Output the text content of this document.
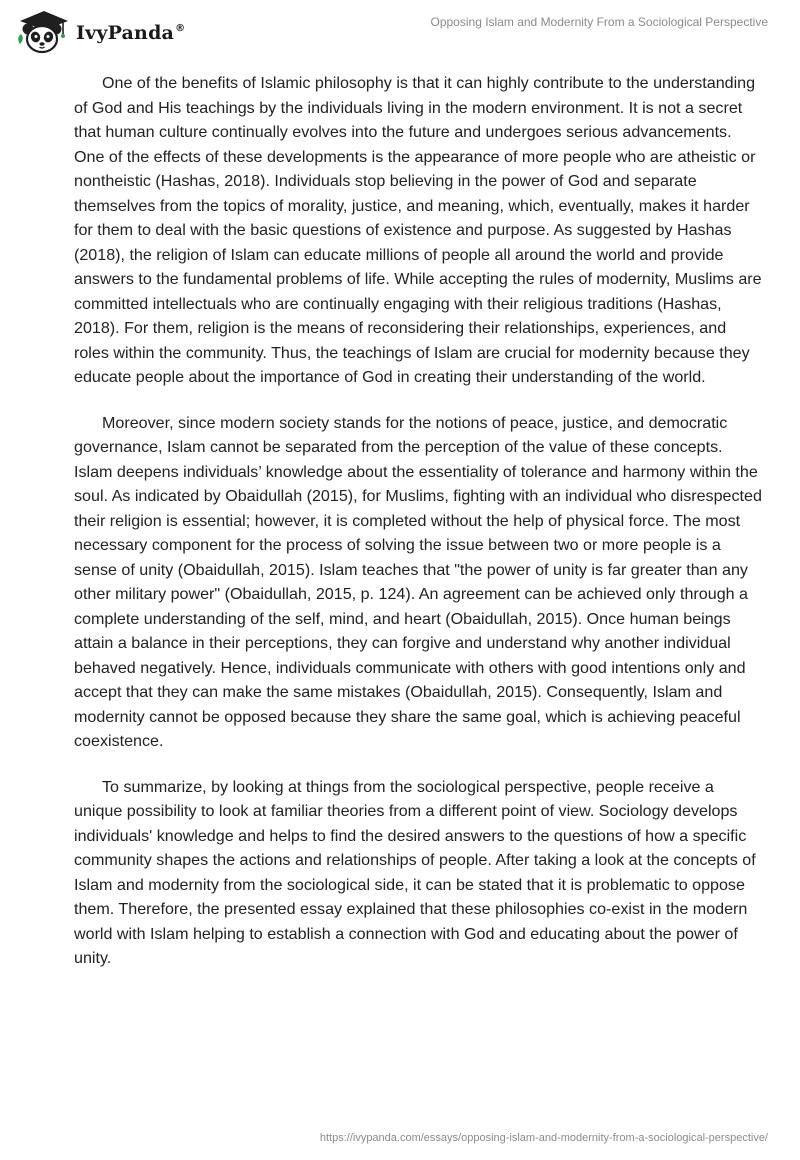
IvyPanda®	Opposing Islam and Modernity From a Sociological Perspective

One of the benefits of Islamic philosophy is that it can highly contribute to the understanding of God and His teachings by the individuals living in the modern environment. It is not a secret that human culture continually evolves into the future and undergoes serious advancements. One of the effects of these developments is the appearance of more people who are atheistic or nontheistic (Hashas, 2018). Individuals stop believing in the power of God and separate themselves from the topics of morality, justice, and meaning, which, eventually, makes it harder for them to deal with the basic questions of existence and purpose. As suggested by Hashas (2018), the religion of Islam can educate millions of people all around the world and provide answers to the fundamental problems of life. While accepting the rules of modernity, Muslims are committed intellectuals who are continually engaging with their religious traditions (Hashas, 2018). For them, religion is the means of reconsidering their relationships, experiences, and roles within the community. Thus, the teachings of Islam are crucial for modernity because they educate people about the importance of God in creating their understanding of the world.

Moreover, since modern society stands for the notions of peace, justice, and democratic governance, Islam cannot be separated from the perception of the value of these concepts. Islam deepens individuals’ knowledge about the essentiality of tolerance and harmony within the soul. As indicated by Obaidullah (2015), for Muslims, fighting with an individual who disrespected their religion is essential; however, it is completed without the help of physical force. The most necessary component for the process of solving the issue between two or more people is a sense of unity (Obaidullah, 2015). Islam teaches that "the power of unity is far greater than any other military power" (Obaidullah, 2015, p. 124). An agreement can be achieved only through a complete understanding of the self, mind, and heart (Obaidullah, 2015). Once human beings attain a balance in their perceptions, they can forgive and understand why another individual behaved negatively. Hence, individuals communicate with others with good intentions only and accept that they can make the same mistakes (Obaidullah, 2015). Consequently, Islam and modernity cannot be opposed because they share the same goal, which is achieving peaceful coexistence.

To summarize, by looking at things from the sociological perspective, people receive a unique possibility to look at familiar theories from a different point of view. Sociology develops individuals' knowledge and helps to find the desired answers to the questions of how a specific community shapes the actions and relationships of people. After taking a look at the concepts of Islam and modernity from the sociological side, it can be stated that it is problematic to oppose them. Therefore, the presented essay explained that these philosophies co-exist in the modern world with Islam helping to establish a connection with God and educating about the power of unity.

https://ivypanda.com/essays/opposing-islam-and-modernity-from-a-sociological-perspective/
